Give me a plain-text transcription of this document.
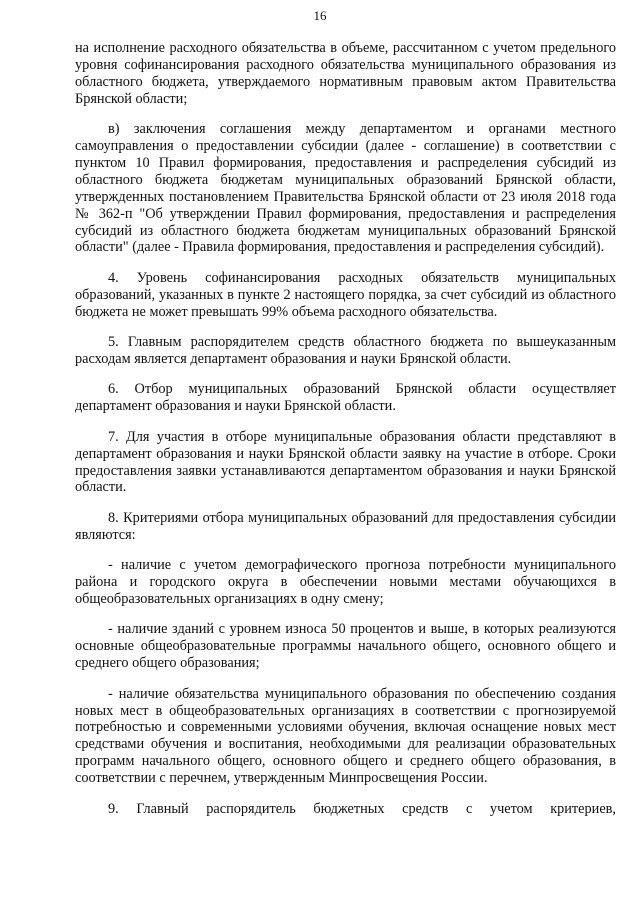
16

на исполнение расходного обязательства в объеме, рассчитанном с учетом предельного уровня софинансирования расходного обязательства муниципального образования из областного бюджета, утверждаемого нормативным правовым актом Правительства Брянской области;

в) заключения соглашения между департаментом и органами местного самоуправления о предоставлении субсидии (далее - соглашение) в соответствии с пунктом 10 Правил формирования, предоставления и распределения субсидий из областного бюджета бюджетам муниципальных образований Брянской области, утвержденных постановлением Правительства Брянской области от 23 июля 2018 года № 362-п "Об утверждении Правил формирования, предоставления и распределения субсидий из областного бюджета бюджетам муниципальных образований Брянской области" (далее - Правила формирования, предоставления и распределения субсидий).

4. Уровень софинансирования расходных обязательств муниципальных образований, указанных в пункте 2 настоящего порядка, за счет субсидий из областного бюджета не может превышать 99% объема расходного обязательства.

5. Главным распорядителем средств областного бюджета по вышеуказанным расходам является департамент образования и науки Брянской области.

6. Отбор муниципальных образований Брянской области осуществляет департамент образования и науки Брянской области.

7. Для участия в отборе муниципальные образования области представляют в департамент образования и науки Брянской области заявку на участие в отборе. Сроки предоставления заявки устанавливаются департаментом образования и науки Брянской области.

8. Критериями отбора муниципальных образований для предоставления субсидии являются:

- наличие с учетом демографического прогноза потребности муниципального района и городского округа в обеспечении новыми местами обучающихся в общеобразовательных организациях в одну смену;

- наличие зданий с уровнем износа 50 процентов и выше, в которых реализуются основные общеобразовательные программы начального общего, основного общего и среднего общего образования;

- наличие обязательства муниципального образования по обеспечению создания новых мест в общеобразовательных организациях в соответствии с прогнозируемой потребностью и современными условиями обучения, включая оснащение новых мест средствами обучения и воспитания, необходимыми для реализации образовательных программ начального общего, основного общего и среднего общего образования, в соответствии с перечнем, утвержденным Минпросвещения России.

9. Главный распорядитель бюджетных средств с учетом критериев,
